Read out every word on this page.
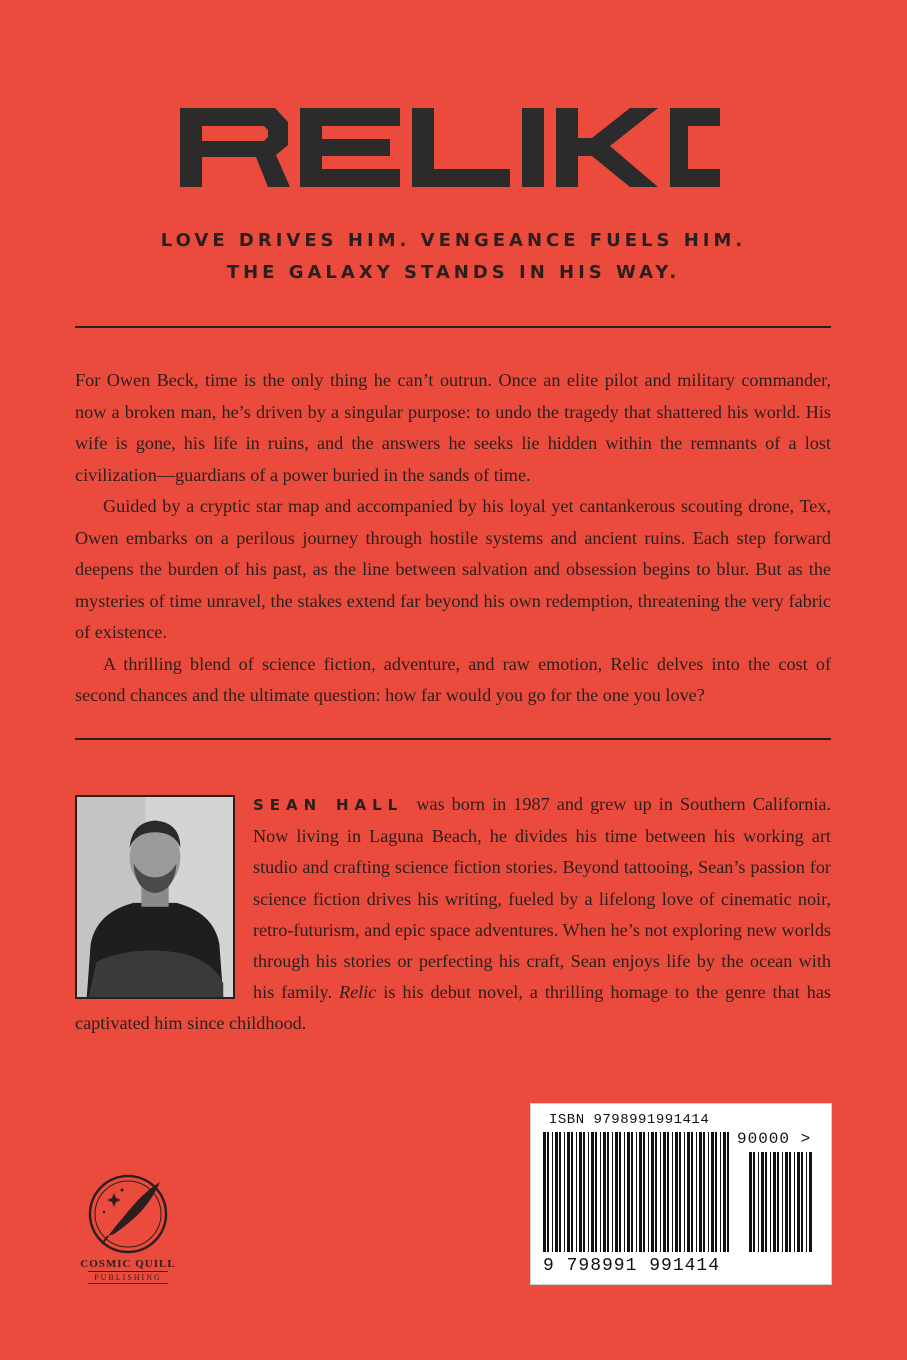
LOVE DRIVES HIM. VENGEANCE FUELS HIM.
THE GALAXY STANDS IN HIS WAY.

For Owen Beck, time is the only thing he can’t outrun. Once an elite pilot and military commander, now a broken man, he’s driven by a singular purpose: to undo the tragedy that shattered his world. His wife is gone, his life in ruins, and the answers he seeks lie hidden within the remnants of a lost civilization—guardians of a power buried in the sands of time.

Guided by a cryptic star map and accompanied by his loyal yet cantankerous scouting drone, Tex, Owen embarks on a perilous journey through hostile systems and ancient ruins. Each step forward deepens the burden of his past, as the line between salvation and obsession begins to blur. But as the mysteries of time unravel, the stakes extend far beyond his own redemption, threatening the very fabric of existence.

A thrilling blend of science fiction, adventure, and raw emotion, Relic delves into the cost of second chances and the ultimate question: how far would you go for the one you love?

SEAN HALL was born in 1987 and grew up in Southern California. Now living in Laguna Beach, he divides his time between his working art studio and crafting science fiction stories. Beyond tattooing, Sean’s passion for science fiction drives his writing, fueled by a lifelong love of cinematic noir, retro-futurism, and epic space adventures. When he’s not exploring new worlds through his stories or perfecting his craft, Sean enjoys life by the ocean with his family. Relic is his debut novel, a thrilling homage to the genre that has captivated him since childhood.
ISBN 9798991991414
90000 >
9 798991 991414
COSMIC QUILL
PUBLISHING
